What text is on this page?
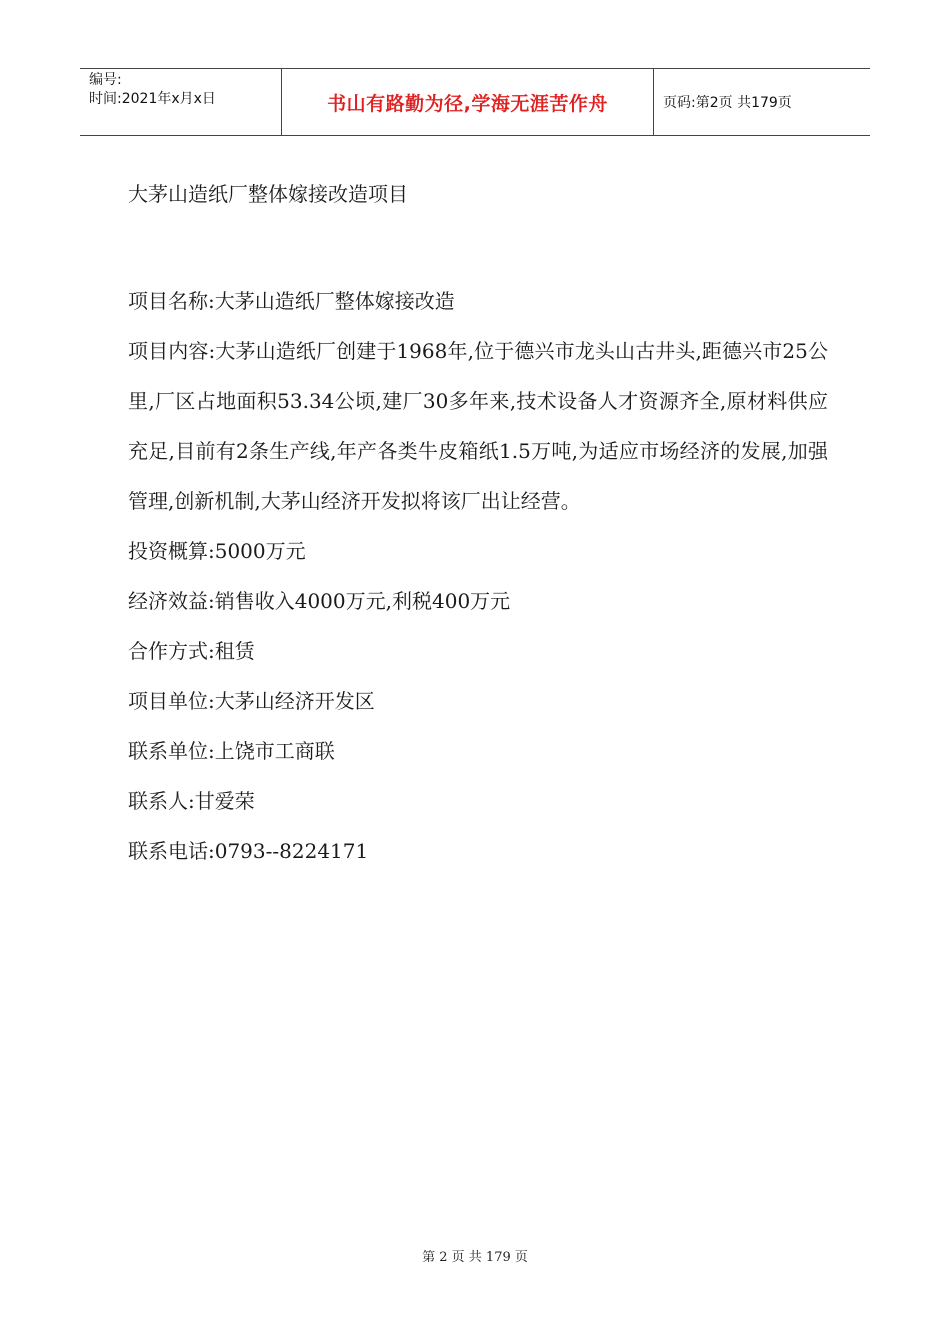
编号:
时间:2021年x月x日	书山有路勤为径,学海无涯苦作舟	页码:第2页 共179页
大茅山造纸厂整体嫁接改造项目
项目名称:大茅山造纸厂整体嫁接改造
项目内容:大茅山造纸厂创建于1968年,位于德兴市龙头山古井头,距德兴市25公里,厂区占地面积53.34公顷,建厂30多年来,技术设备人才资源齐全,原材料供应充足,目前有2条生产线,年产各类牛皮箱纸1.5万吨,为适应市场经济的发展,加强管理,创新机制,大茅山经济开发拟将该厂出让经营。
投资概算:5000万元
经济效益:销售收入4000万元,利税400万元
合作方式:租赁
项目单位:大茅山经济开发区
联系单位:上饶市工商联
联系人:甘爱荣
联系电话:0793--8224171
第 2 页 共 179 页
